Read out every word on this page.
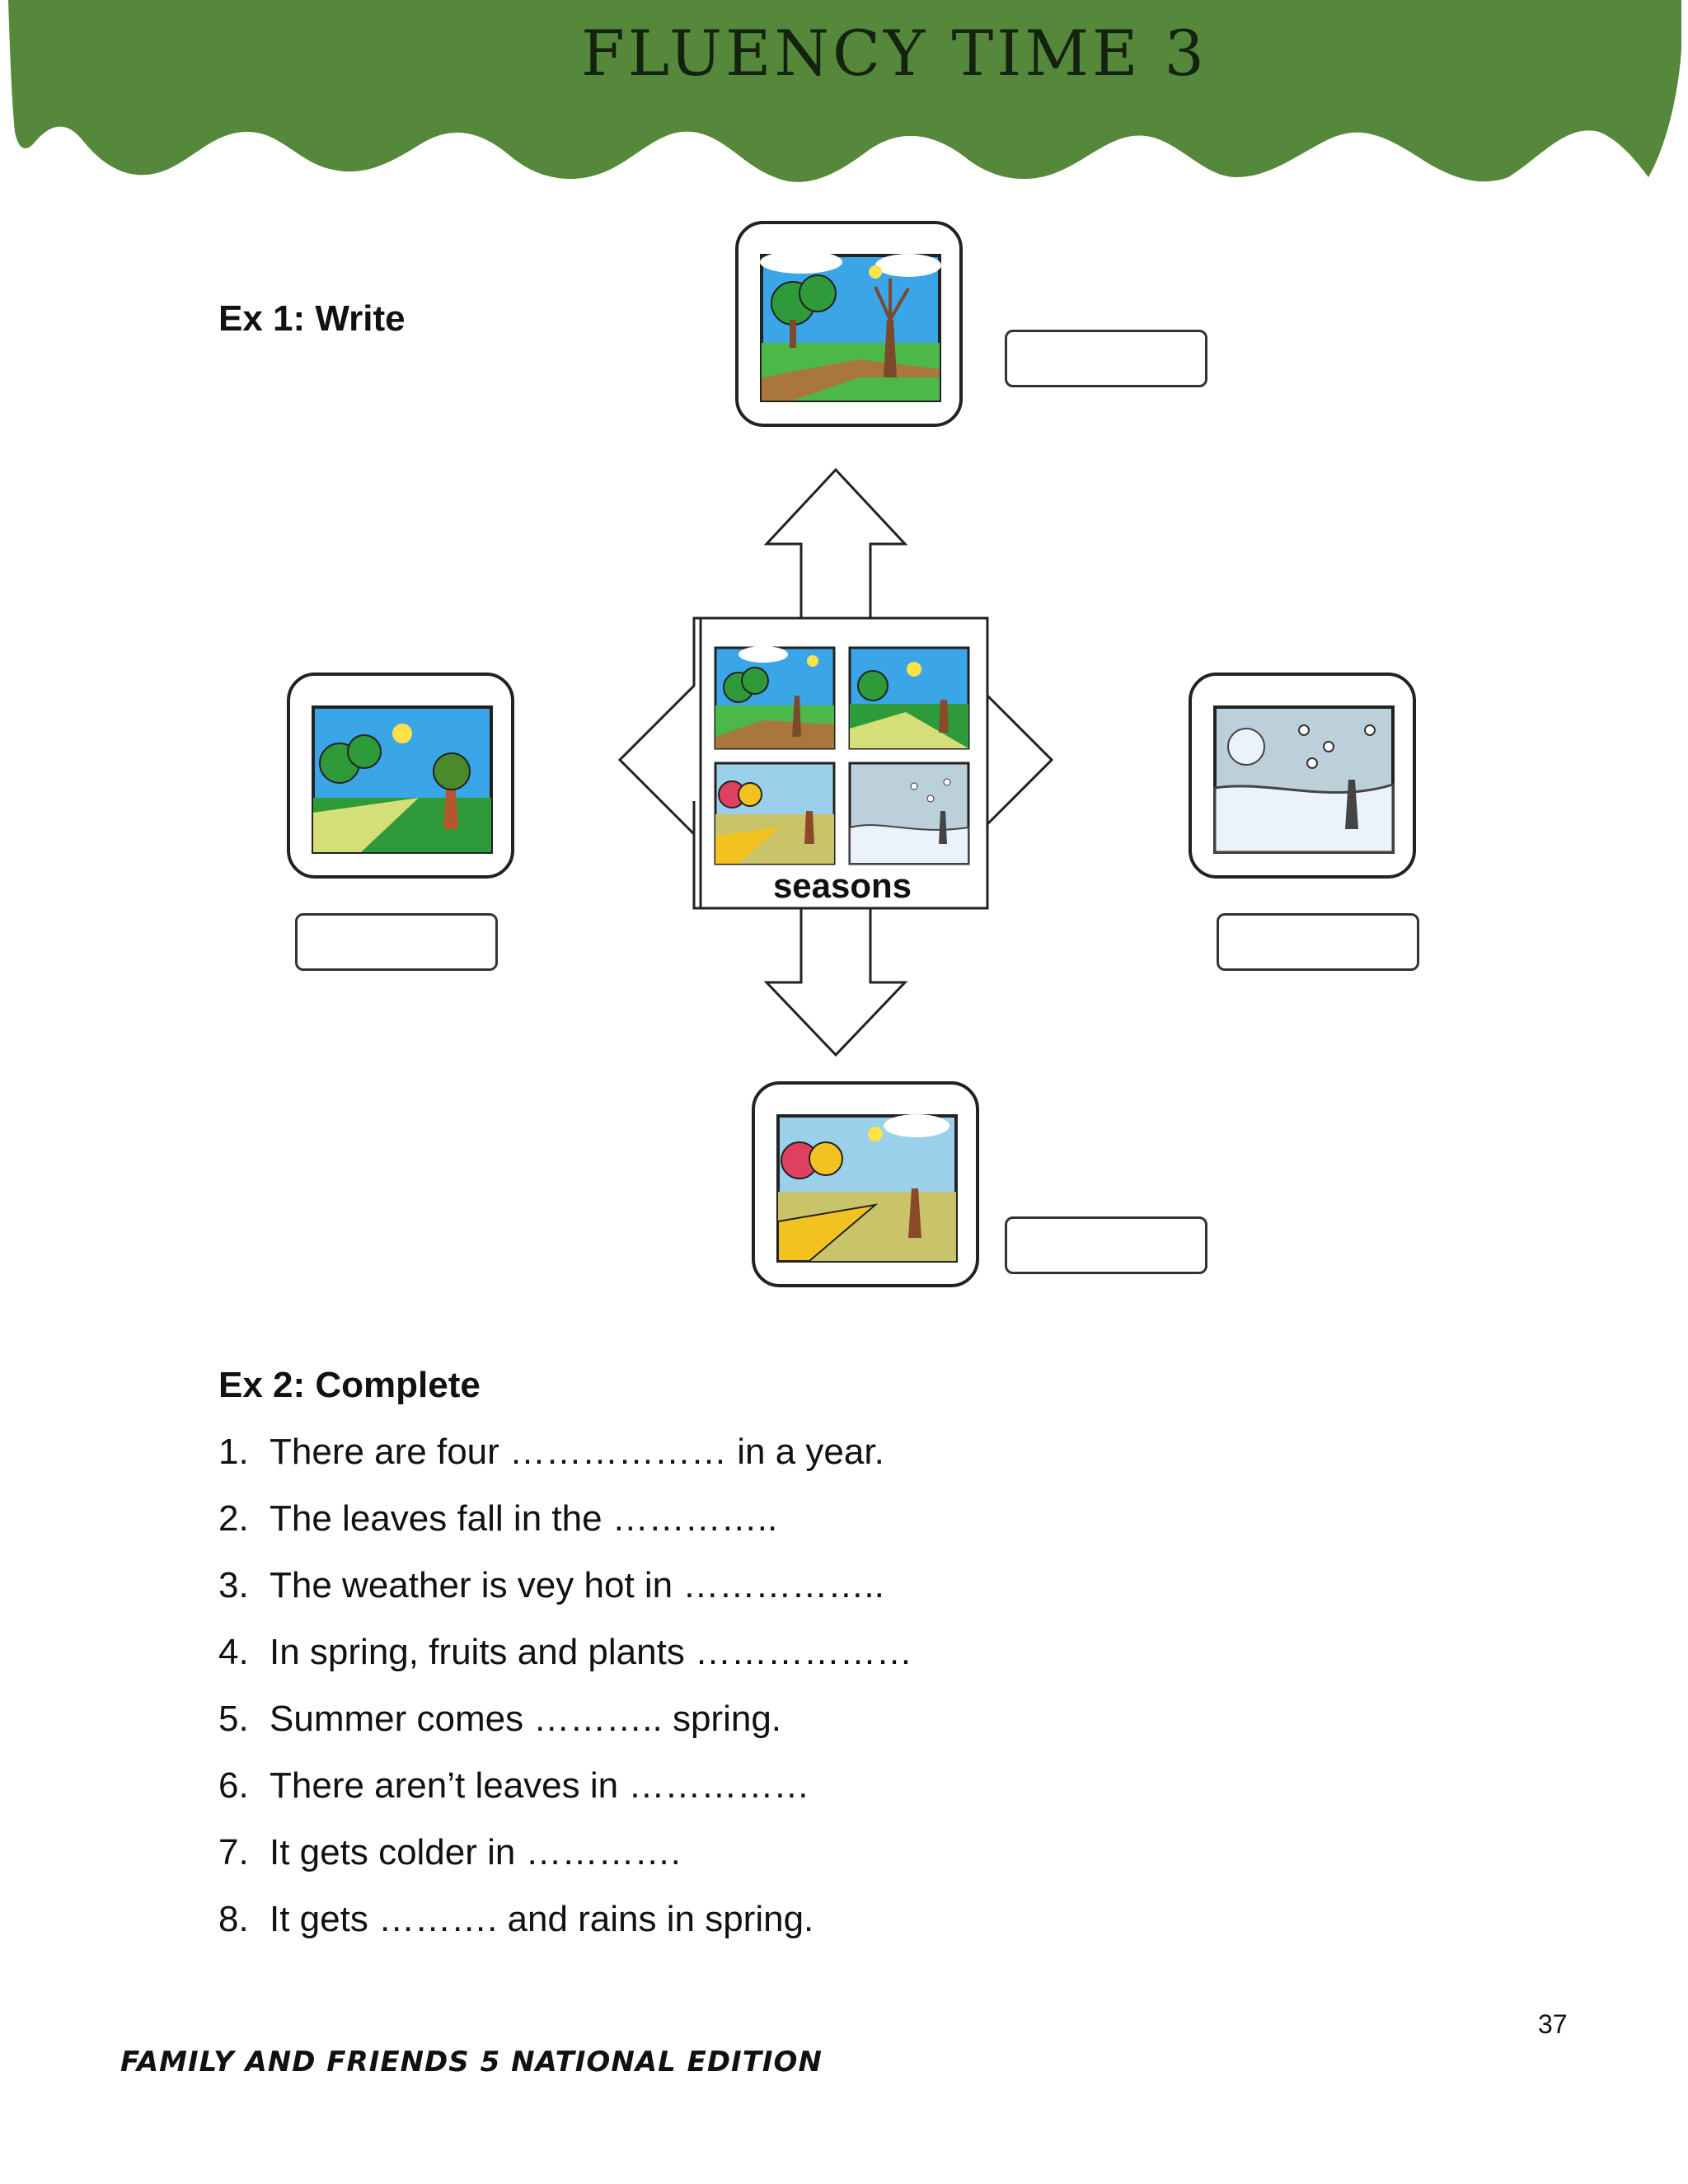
FLUENCY TIME 3
Ex 1: Write
seasons
Ex 2: Complete
1. There are four ……………… in a year.
2. The leaves fall in the …………..
3. The weather is vey hot in ……………..
4. In spring, fruits and plants ………………
5. Summer comes ……….. spring.
6. There aren’t leaves in ……………
7. It gets colder in ………….
8. It gets ………. and rains in spring.
37
FAMILY AND FRIENDS 5 NATIONAL EDITION
